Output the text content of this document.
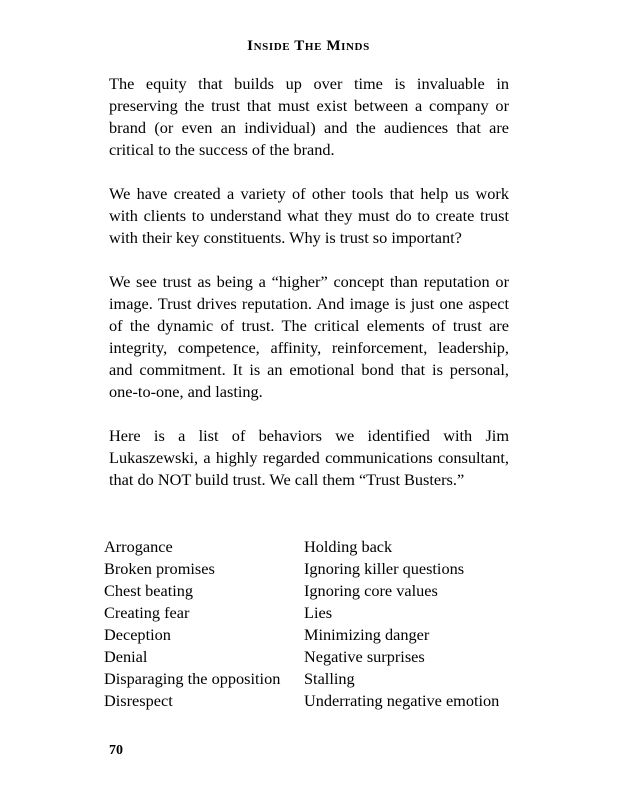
Inside The Minds

The equity that builds up over time is invaluable in preserving the trust that must exist between a company or brand (or even an individual) and the audiences that are critical to the success of the brand.

We have created a variety of other tools that help us work with clients to understand what they must do to create trust with their key constituents. Why is trust so important?

We see trust as being a “higher” concept than reputation or image. Trust drives reputation. And image is just one aspect of the dynamic of trust. The critical elements of trust are integrity, competence, affinity, reinforcement, leadership, and commitment. It is an emotional bond that is personal, one-to-one, and lasting.

Here is a list of behaviors we identified with Jim Lukaszewski, a highly regarded communications consultant, that do NOT build trust. We call them “Trust Busters.”

Arrogance
Broken promises
Chest beating
Creating fear
Deception
Denial
Disparaging the opposition
Disrespect
Holding back
Ignoring killer questions
Ignoring core values
Lies
Minimizing danger
Negative surprises
Stalling
Underrating negative emotion
70
